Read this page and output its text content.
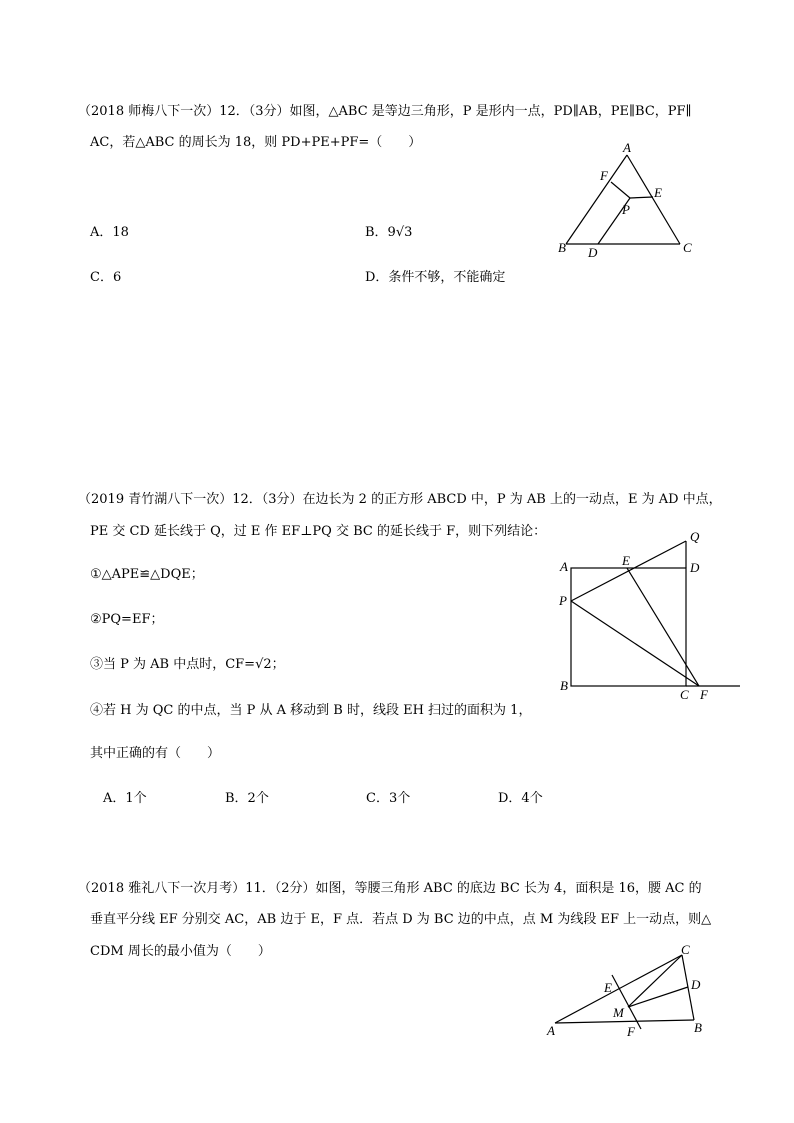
（2018 师梅八下一次）12．（3分）如图，△ABC 是等边三角形，P 是形内一点，PD∥AB，PE∥BC，PF∥
AC，若△ABC 的周长为 18，则 PD+PE+PF=（　　）
A．18	B．9√3
C．6	D．条件不够，不能确定
A
F
E
P
B D	C
（2019 青竹湖八下一次）12．（3分）在边长为 2 的正方形 ABCD 中，P 为 AB 上的一动点，E 为 AD 中点，
PE 交 CD 延长线于 Q，过 E 作 EF⊥PQ 交 BC 的延长线于 F，则下列结论：
①△APE≌△DQE；
②PQ=EF；
③当 P 为 AB 中点时，CF=√2；
④若 H 为 QC 的中点，当 P 从 A 移动到 B 时，线段 EH 扫过的面积为 1，
其中正确的有（　　）
A．1个	B．2个	C．3个	D．4个
Q
A	E	D
P
B
C F
（2018 雅礼八下一次月考）11．（2分）如图，等腰三角形 ABC 的底边 BC 长为 4，面积是 16，腰 AC 的
垂直平分线 EF 分别交 AC，AB 边于 E，F 点．若点 D 为 BC 边的中点，点 M 为线段 EF 上一动点，则△
CDM 周长的最小值为（　　）	C
D
E
M
A	F	B
